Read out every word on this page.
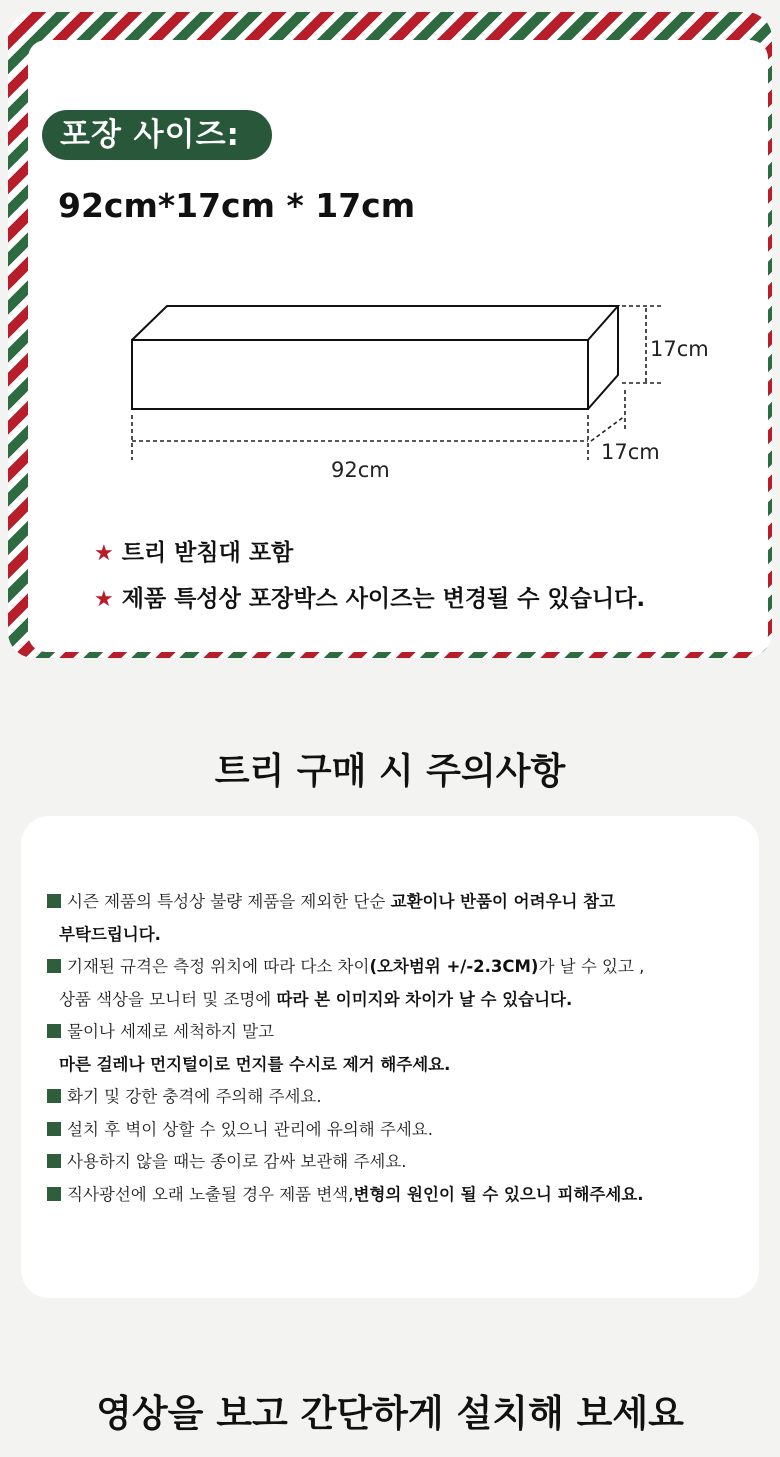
포장 사이즈:
92cm*17cm * 17cm
17cm
17cm
92cm
★ 트리 받침대 포함
★ 제품 특성상 포장박스 사이즈는 변경될 수 있습니다.
트리 구매 시 주의사항
시즌 제품의 특성상 불량 제품을 제외한 단순 교환이나 반품이 어려우니 참고
부탁드립니다.
기재된 규격은 측정 위치에 따라 다소 차이(오차범위 +/-2.3CM)가 날 수 있고 ,
상품 색상을 모니터 및 조명에 따라 본 이미지와 차이가 날 수 있습니다.
물이나 세제로 세척하지 말고
마른 걸레나 먼지털이로 먼지를 수시로 제거 해주세요.
화기 및 강한 충격에 주의해 주세요.
설치 후 벽이 상할 수 있으니 관리에 유의해 주세요.
사용하지 않을 때는 종이로 감싸 보관해 주세요.
직사광선에 오래 노출될 경우 제품 변색,변형의 원인이 될 수 있으니 피해주세요.
영상을 보고 간단하게 설치해 보세요
